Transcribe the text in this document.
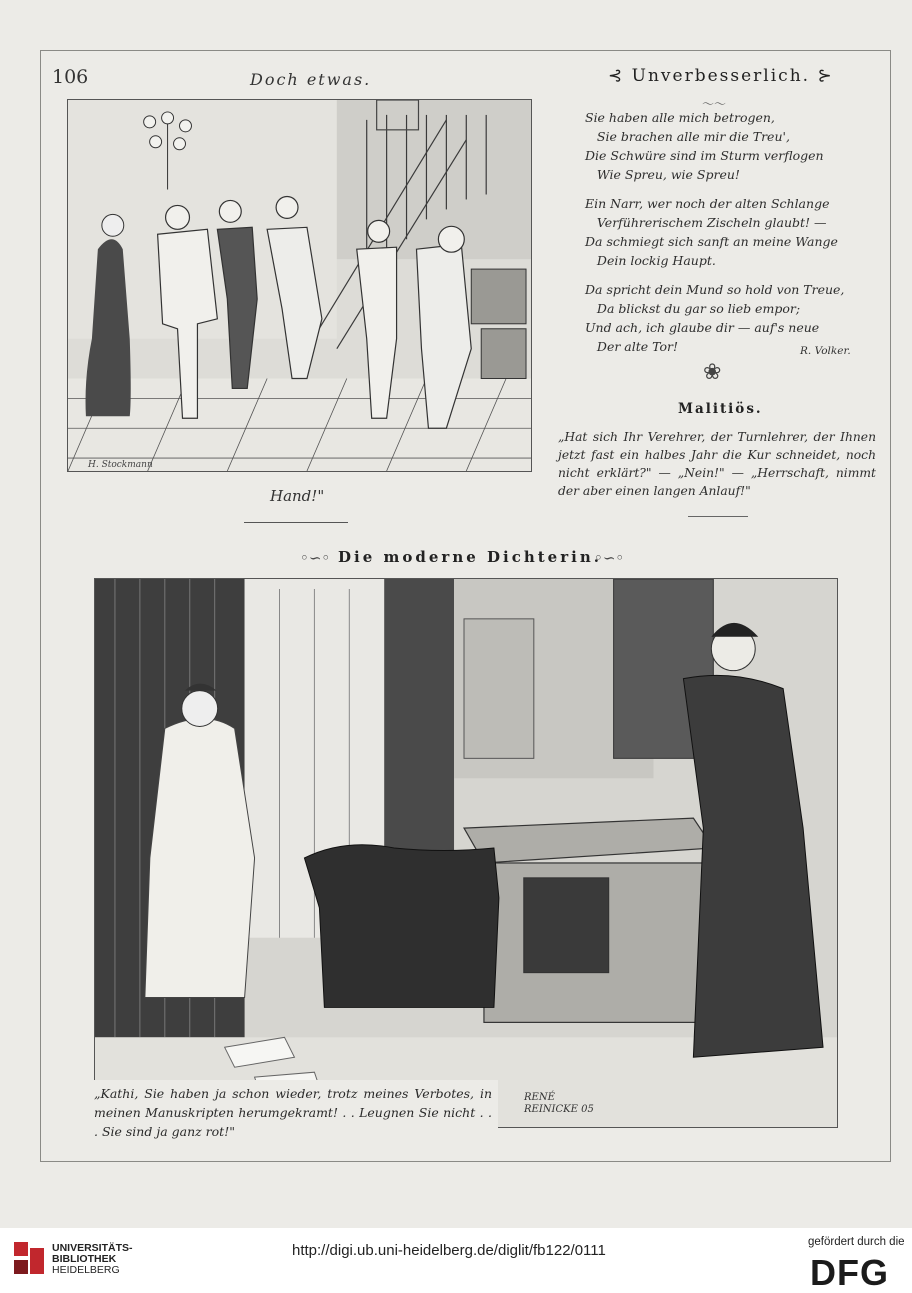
106	Doch etwas.	⊰ Unverbesserlich. ⊱
H. Stockmann
Hand!"
〜〜

Sie haben alle mich betrogen,

Sie brachen alle mir die Treu',

Die Schwüre sind im Sturm verflogen

Wie Spreu, wie Spreu!

Ein Narr, wer noch der alten Schlange

Verführerischem Zischeln glaubt! —

Da schmiegt sich sanft an meine Wange

Dein lockig Haupt.

Da spricht dein Mund so hold von Treue,

Da blickst du gar so lieb empor;

Und ach, ich glaube dir — auf's neue

Der alte Tor!	R. Volker.
❀
Malitiös.
„Hat sich Ihr Verehrer, der Turnlehrer, der Ihnen jetzt fast ein halbes Jahr die Kur schneidet, noch nicht erklärt?" — „Nein!" — „Herrschaft, nimmt der aber einen langen Anlauf!"
◦∽◦ Die moderne Dichterin.
◦∽◦
„Kathi, Sie haben ja schon wieder, trotz meines Verbotes, in meinen Manuskripten herumgekramt! . . Leugnen Sie nicht . . . Sie sind ja ganz rot!"
RENÉ
REINICKE 05
UNIVERSITÄTS-
BIBLIOTHEK
HEIDELBERG
http://digi.ub.uni-heidelberg.de/diglit/fb122/0111	gefördert durch die
DFG
